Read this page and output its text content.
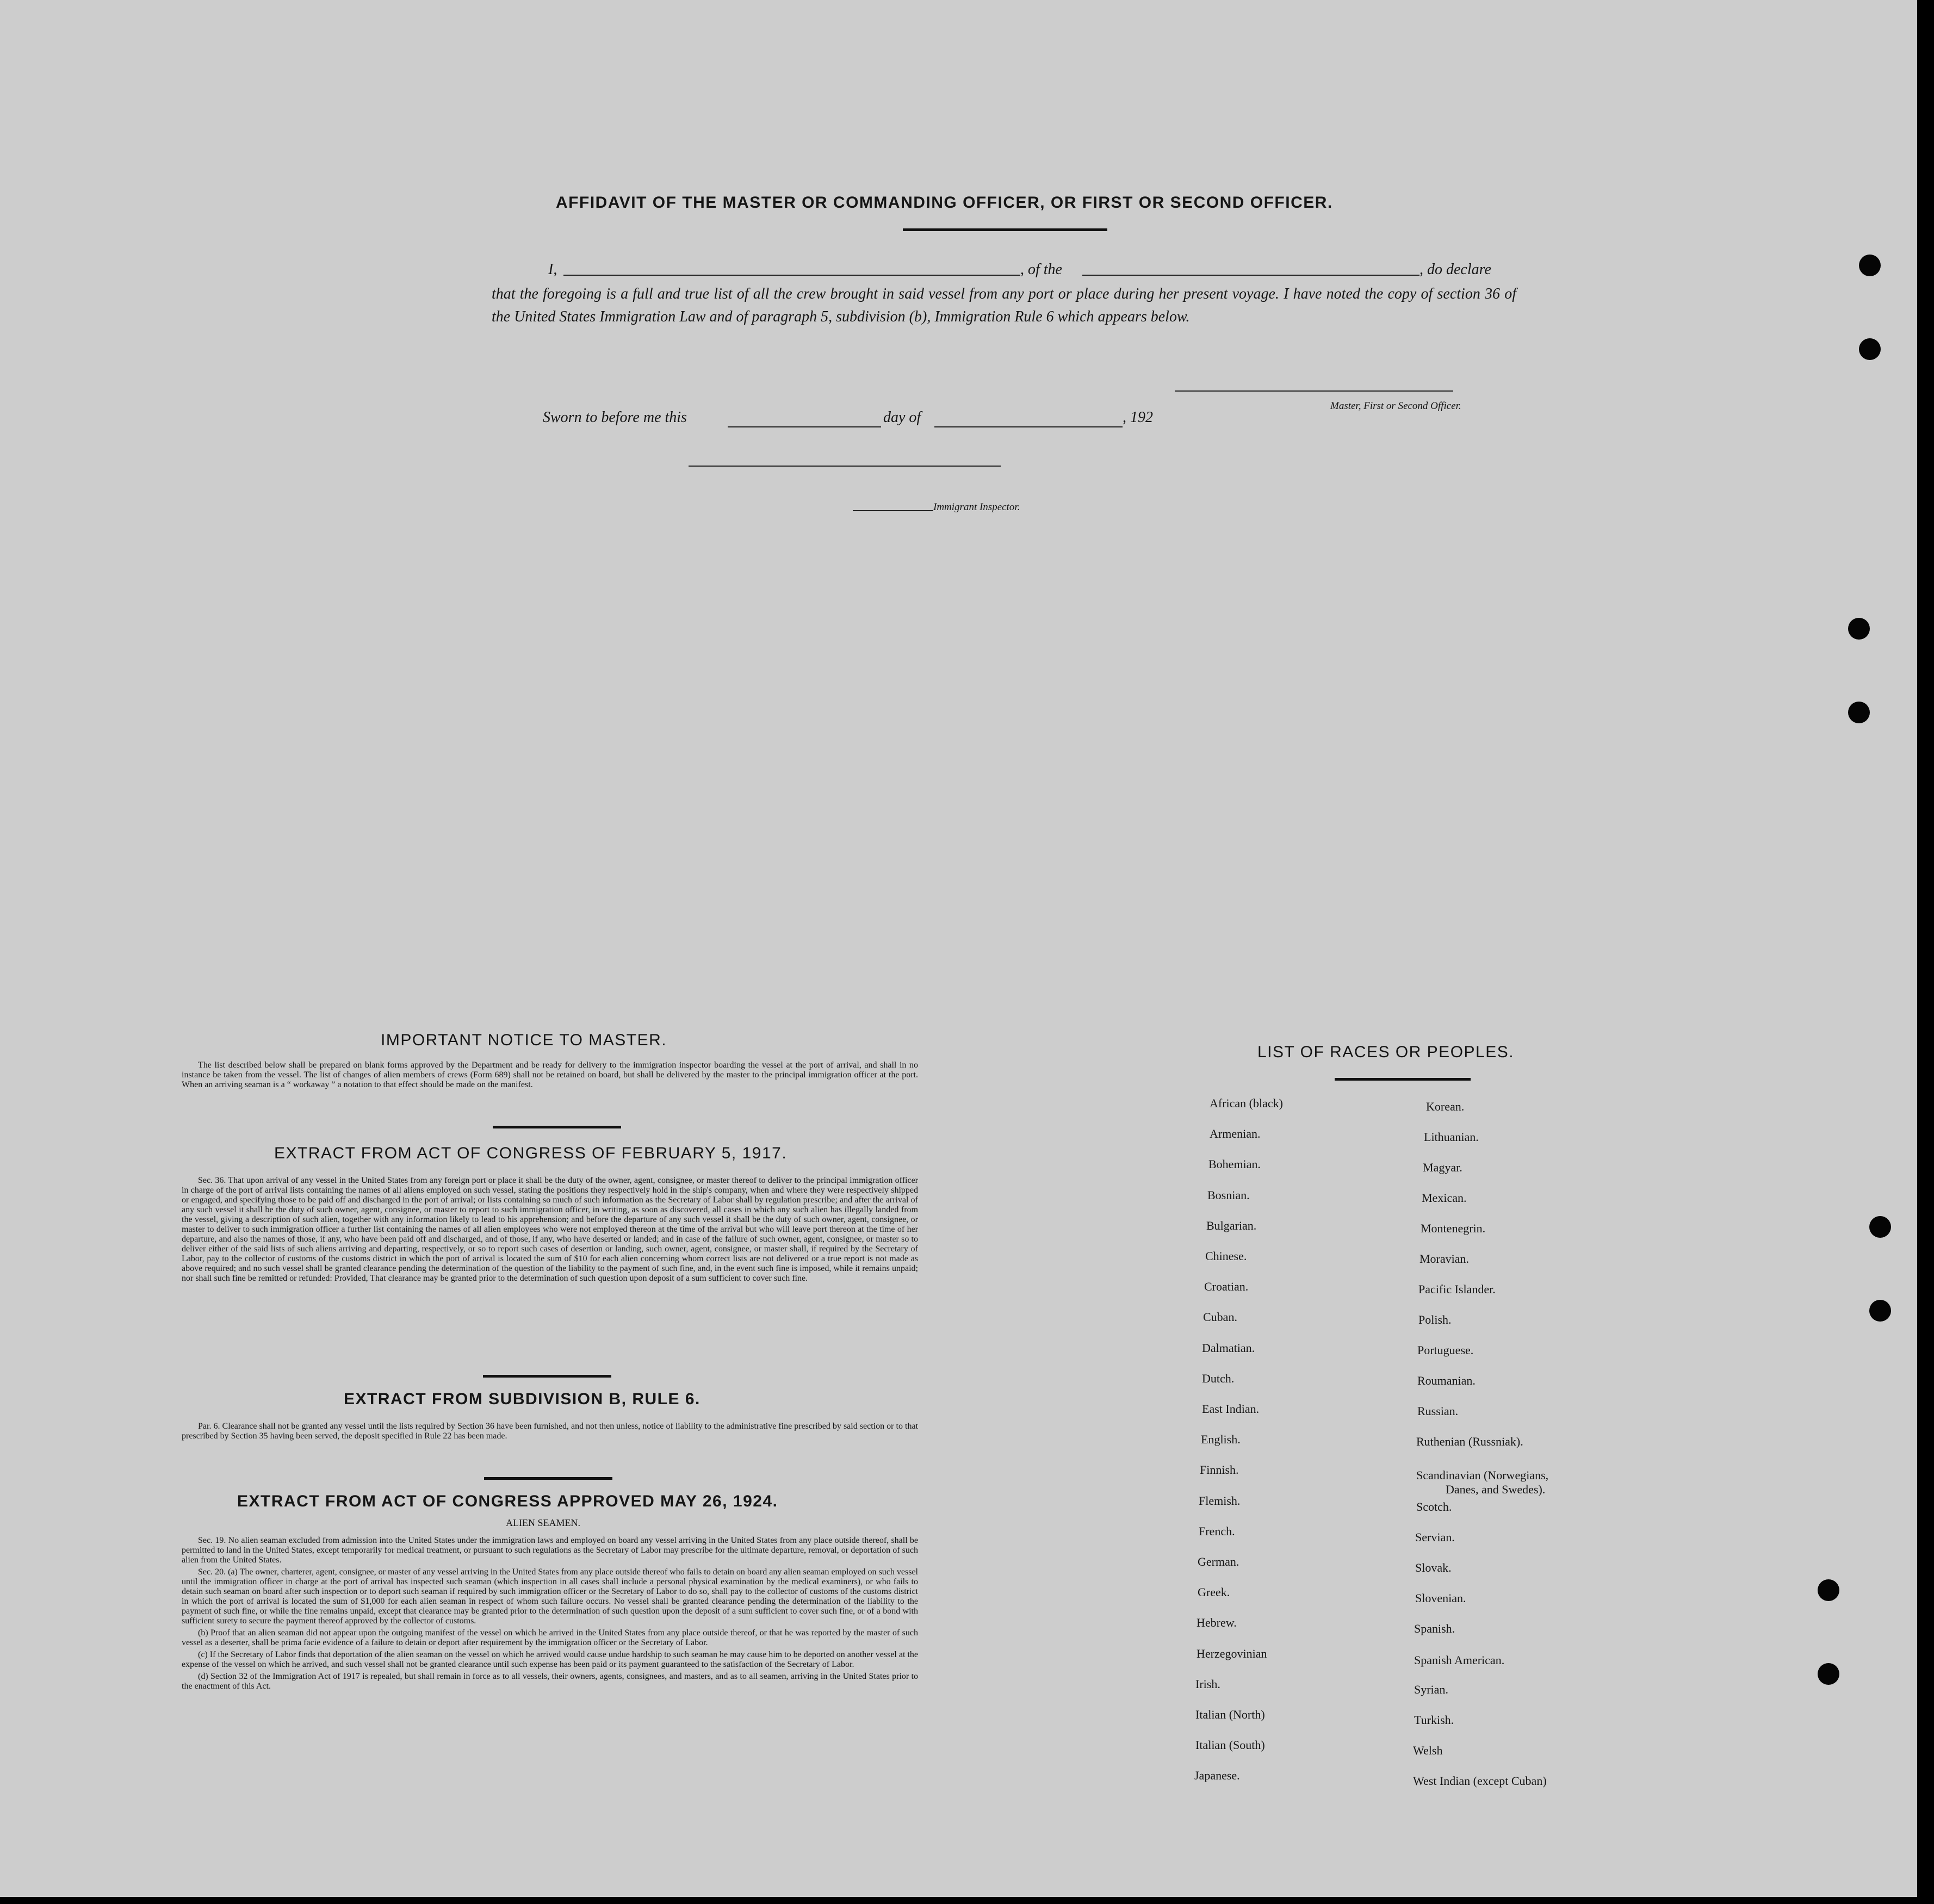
AFFIDAVIT OF THE MASTER OR COMMANDING OFFICER, OR FIRST OR SECOND OFFICER.
I,	, of the	, do declare
that the foregoing is a full and true list of all the crew brought in said vessel from any port or place during her present voyage. I have noted the copy of section 36 of the United States Immigration Law and of paragraph 5, subdivision (b), Immigration Rule 6 which appears below.
Master, First or Second Officer.
Sworn to before me this	day of	, 192
Immigrant Inspector.
IMPORTANT NOTICE TO MASTER.

The list described below shall be prepared on blank forms approved by the Department and be ready for delivery to the immigration inspector boarding the vessel at the port of arrival, and shall in no instance be taken from the vessel. The list of changes of alien members of crews (Form 689) shall not be retained on board, but shall be delivered by the master to the principal immigration officer at the port. When an arriving seaman is a “ workaway ” a notation to that effect should be made on the manifest.

EXTRACT FROM ACT OF CONGRESS OF FEBRUARY 5, 1917.

Sec. 36. That upon arrival of any vessel in the United States from any foreign port or place it shall be the duty of the owner, agent, consignee, or master thereof to deliver to the principal immigration officer in charge of the port of arrival lists containing the names of all aliens employed on such vessel, stating the positions they respectively hold in the ship's company, when and where they were respectively shipped or engaged, and specifying those to be paid off and discharged in the port of arrival; or lists containing so much of such information as the Secretary of Labor shall by regulation prescribe; and after the arrival of any such vessel it shall be the duty of such owner, agent, consignee, or master to report to such immigration officer, in writing, as soon as discovered, all cases in which any such alien has illegally landed from the vessel, giving a description of such alien, together with any information likely to lead to his apprehension; and before the departure of any such vessel it shall be the duty of such owner, agent, consignee, or master to deliver to such immigration officer a further list containing the names of all alien employees who were not employed thereon at the time of the arrival but who will leave port thereon at the time of her departure, and also the names of those, if any, who have been paid off and discharged, and of those, if any, who have deserted or landed; and in case of the failure of such owner, agent, consignee, or master so to deliver either of the said lists of such aliens arriving and departing, respectively, or so to report such cases of desertion or landing, such owner, agent, consignee, or master shall, if required by the Secretary of Labor, pay to the collector of customs of the customs district in which the port of arrival is located the sum of $10 for each alien concerning whom correct lists are not delivered or a true report is not made as above required; and no such vessel shall be granted clearance pending the determination of the question of the liability to the payment of such fine, and, in the event such fine is imposed, while it remains unpaid; nor shall such fine be remitted or refunded: Provided, That clearance may be granted prior to the determination of such question upon deposit of a sum sufficient to cover such fine.

EXTRACT FROM SUBDIVISION B, RULE 6.

Par. 6. Clearance shall not be granted any vessel until the lists required by Section 36 have been furnished, and not then unless, notice of liability to the administrative fine prescribed by said section or to that prescribed by Section 35 having been served, the deposit specified in Rule 22 has been made.

EXTRACT FROM ACT OF CONGRESS APPROVED MAY 26, 1924.
ALIEN SEAMEN.

Sec. 19. No alien seaman excluded from admission into the United States under the immigration laws and employed on board any vessel arriving in the United States from any place outside thereof, shall be permitted to land in the United States, except temporarily for medical treatment, or pursuant to such regulations as the Secretary of Labor may prescribe for the ultimate departure, removal, or deportation of such alien from the United States.

Sec. 20. (a) The owner, charterer, agent, consignee, or master of any vessel arriving in the United States from any place outside thereof who fails to detain on board any alien seaman employed on such vessel until the immigration officer in charge at the port of arrival has inspected such seaman (which inspection in all cases shall include a personal physical examination by the medical examiners), or who fails to detain such seaman on board after such inspection or to deport such seaman if required by such immigration officer or the Secretary of Labor to do so, shall pay to the collector of customs of the customs district in which the port of arrival is located the sum of $1,000 for each alien seaman in respect of whom such failure occurs. No vessel shall be granted clearance pending the determination of the liability to the payment of such fine, or while the fine remains unpaid, except that clearance may be granted prior to the determination of such question upon the deposit of a sum sufficient to cover such fine, or of a bond with sufficient surety to secure the payment thereof approved by the collector of customs.

(b) Proof that an alien seaman did not appear upon the outgoing manifest of the vessel on which he arrived in the United States from any place outside thereof, or that he was reported by the master of such vessel as a deserter, shall be prima facie evidence of a failure to detain or deport after requirement by the immigration officer or the Secretary of Labor.

(c) If the Secretary of Labor finds that deportation of the alien seaman on the vessel on which he arrived would cause undue hardship to such seaman he may cause him to be deported on another vessel at the expense of the vessel on which he arrived, and such vessel shall not be granted clearance until such expense has been paid or its payment guaranteed to the satisfaction of the Secretary of Labor.

(d) Section 32 of the Immigration Act of 1917 is repealed, but shall remain in force as to all vessels, their owners, agents, consignees, and masters, and as to all seamen, arriving in the United States prior to the enactment of this Act.

LIST OF RACES OR PEOPLES.
African (black)
Armenian.
Bohemian.
Bosnian.
Bulgarian.
Chinese.
Croatian.
Cuban.
Dalmatian.
Dutch.
East Indian.
English.
Finnish.
Flemish.
French.
German.
Greek.
Hebrew.
Herzegovinian
Irish.
Italian (North)
Italian (South)
Japanese.
Korean.
Lithuanian.
Magyar.
Mexican.
Montenegrin.
Moravian.
Pacific Islander.
Polish.
Portuguese.
Roumanian.
Russian.
Ruthenian (Russniak).
Scandinavian (Norwegians,
Danes, and Swedes).
Scotch.
Servian.
Slovak.
Slovenian.
Spanish.
Spanish American.
Syrian.
Turkish.
Welsh
West Indian (except Cuban)
